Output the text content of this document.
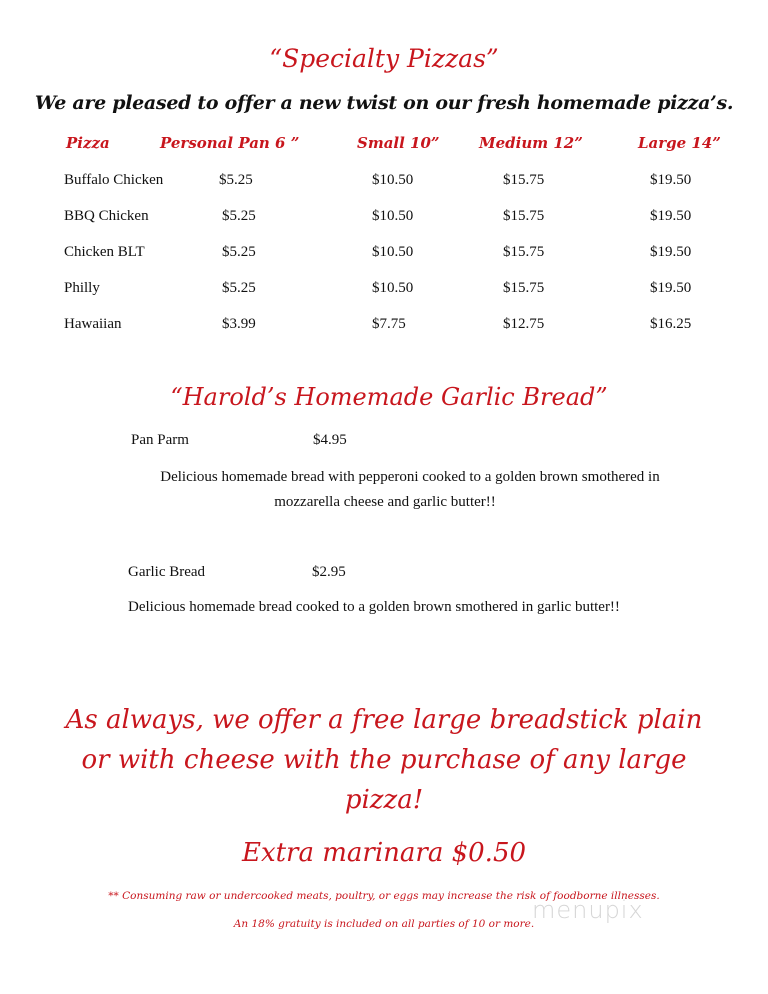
“Specialty Pizzas”
We are pleased to offer a new twist on our fresh homemade pizza’s.
Pizza	Personal Pan 6 ”	Small 10”	Medium 12”	Large 14”
Buffalo Chicken	$5.25	$10.50	$15.75	$19.50
BBQ Chicken	$5.25	$10.50	$15.75	$19.50
Chicken BLT	$5.25	$10.50	$15.75	$19.50
Philly	$5.25	$10.50	$15.75	$19.50
Hawaiian	$3.99	$7.75	$12.75	$16.25
“Harold’s Homemade Garlic Bread”
Pan Parm	$4.95
Delicious homemade bread with pepperoni cooked to a golden brown smothered in
mozzarella cheese and garlic butter!!
Garlic Bread	$2.95
Delicious homemade bread cooked to a golden brown smothered in garlic butter!!
As always, we offer a free large breadstick plain
or with cheese with the purchase of any large
pizza!
Extra marinara $0.50
** Consuming raw or undercooked meats, poultry, or eggs may increase the risk of foodborne illnesses.
An 18% gratuity is included on all parties of 10 or more.
menupix
